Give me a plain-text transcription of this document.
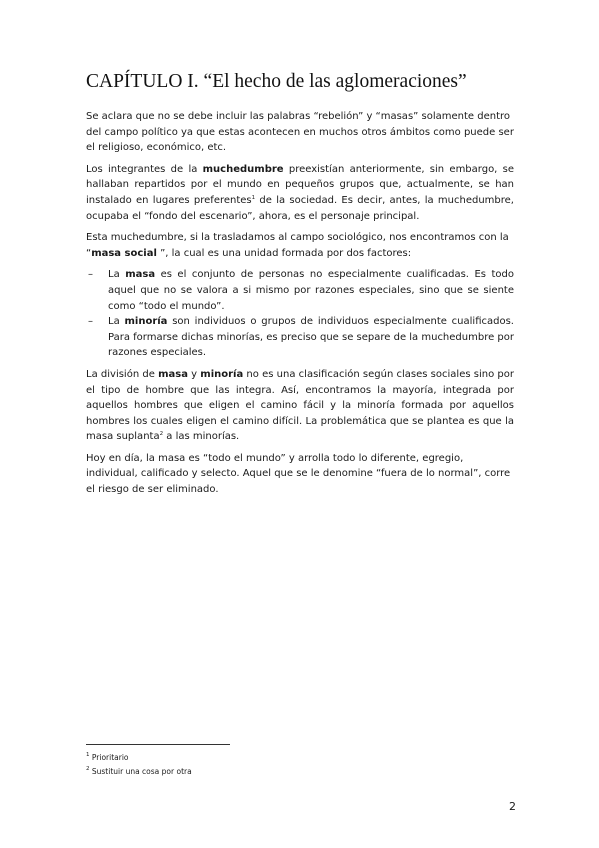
CAPÍTULO I. “El hecho de las aglomeraciones”

Se aclara que no se debe incluir las palabras “rebelión” y “masas” solamente dentro del campo político ya que estas acontecen en muchos otros ámbitos como puede ser el religioso, económico, etc.

Los integrantes de la muchedumbre preexistían anteriormente, sin embargo, se hallaban repartidos por el mundo en pequeños grupos que, actualmente, se han instalado en lugares preferentes$^1$ de la sociedad. Es decir, antes, la muchedumbre, ocupaba el “fondo del escenario”, ahora, es el personaje principal.

Esta muchedumbre, si la trasladamos al campo sociológico, nos encontramos con la “masa social ”, la cual es una unidad formada por dos factores:

– La masa es el conjunto de personas no especialmente cualificadas. Es todo aquel que no se valora a si mismo por razones especiales, sino que se siente como “todo el mundo”.
– La minoría son individuos o grupos de individuos especialmente cualificados. Para formarse dichas minorías, es preciso que se separe de la muchedumbre por razones especiales.

La división de masa y minoría no es una clasificación según clases sociales sino por el tipo de hombre que las integra. Así, encontramos la mayoría, integrada por aquellos hombres que eligen el camino fácil y la minoría formada por aquellos hombres los cuales eligen el camino difícil. La problemática que se plantea es que la masa suplanta$^2$ a las minorías.

Hoy en día, la masa es “todo el mundo” y arrolla todo lo diferente, egregio, individual, calificado y selecto. Aquel que se le denomine “fuera de lo normal”, corre el riesgo de ser eliminado.

$^1$ Prioritario
$^2$ Sustituir una cosa por otra
2
